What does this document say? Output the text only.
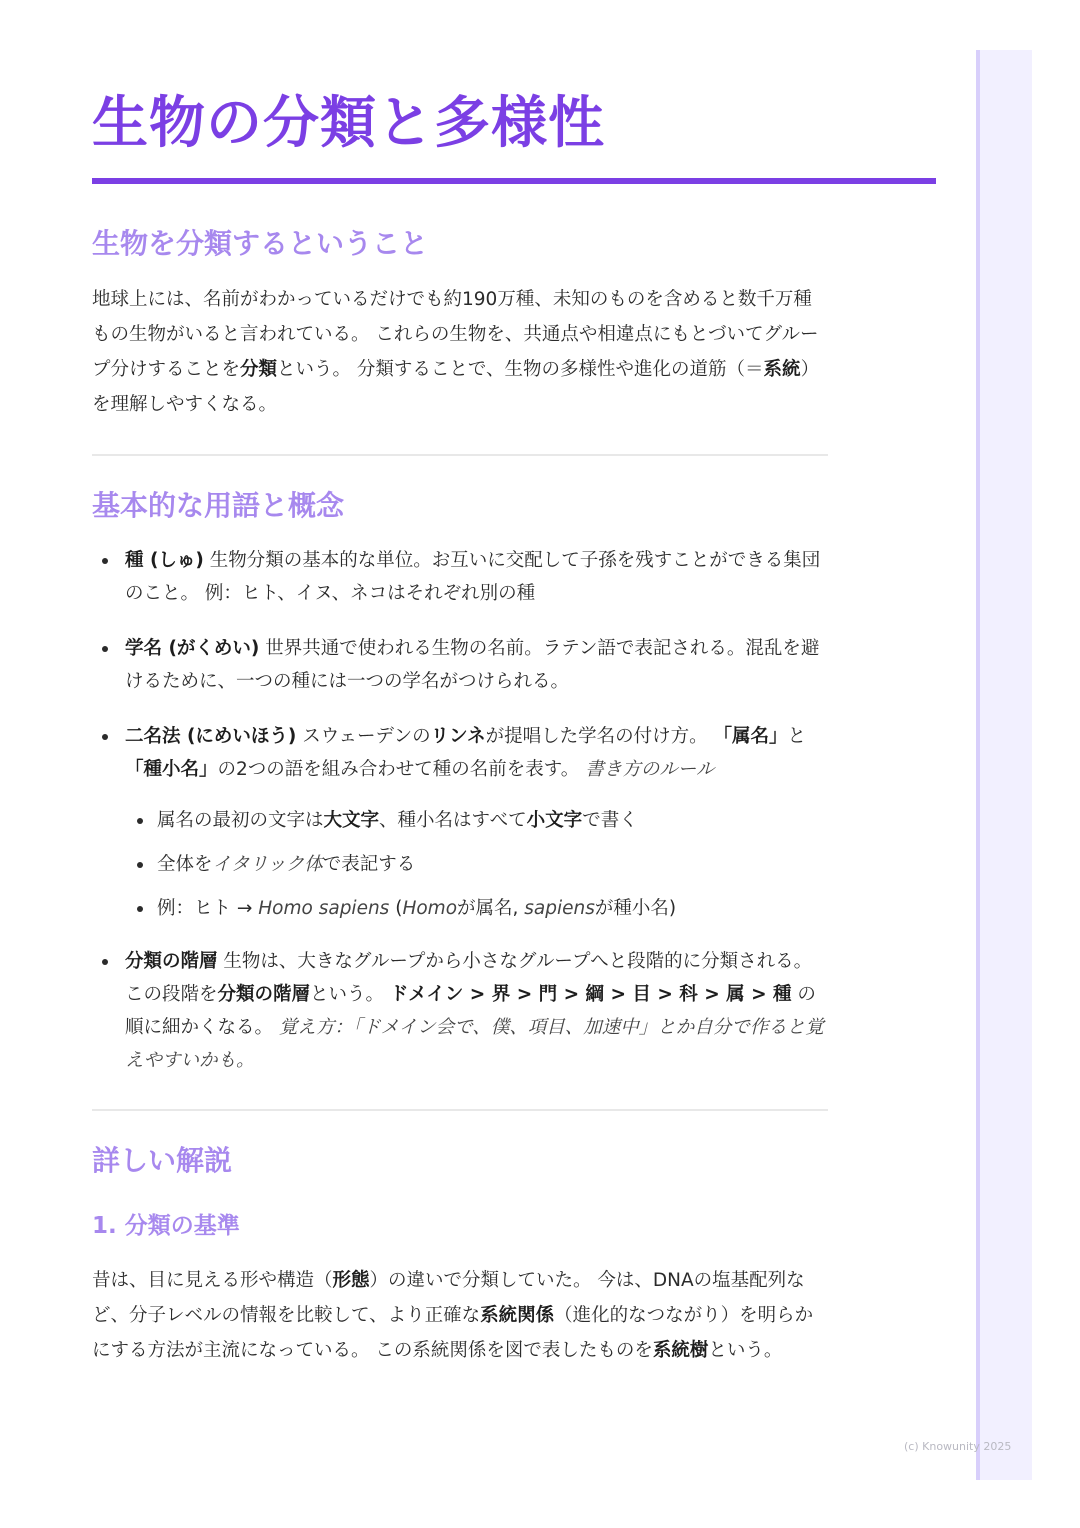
生物の分類と多様性
生物を分類するということ

地球上には、名前がわかっているだけでも約190万種、未知のものを含めると数千万種もの生物がいると言われている。 これらの生物を、共通点や相違点にもとづいてグループ分けすることを分類という。 分類することで、生物の多様性や進化の道筋（＝系統）を理解しやすくなる。

基本的な用語と概念
種 (しゅ) 生物分類の基本的な単位。お互いに交配して子孫を残すことができる集団のこと。 例：ヒト、イヌ、ネコはそれぞれ別の種
学名 (がくめい) 世界共通で使われる生物の名前。ラテン語で表記される。混乱を避けるために、一つの種には一つの学名がつけられる。
二名法 (にめいほう) スウェーデンのリンネが提唱した学名の付け方。 「属名」と「種小名」の2つの語を組み合わせて種の名前を表す。 書き方のルール
属名の最初の文字は大文字、種小名はすべて小文字で書く
全体をイタリック体で表記する
例：ヒト → Homo sapiens (Homoが属名, sapiensが種小名)
分類の階層 生物は、大きなグループから小さなグループへと段階的に分類される。 この段階を分類の階層という。 ドメイン > 界 > 門 > 綱 > 目 > 科 > 属 > 種 の順に細かくなる。 覚え方：「ドメイン会で、僕、項目、加速中」とか自分で作ると覚えやすいかも。
詳しい解説
1. 分類の基準

昔は、目に見える形や構造（形態）の違いで分類していた。 今は、DNAの塩基配列など、分子レベルの情報を比較して、より正確な系統関係（進化的なつながり）を明らかにする方法が主流になっている。 この系統関係を図で表したものを系統樹という。

(c) Knowunity 2025
